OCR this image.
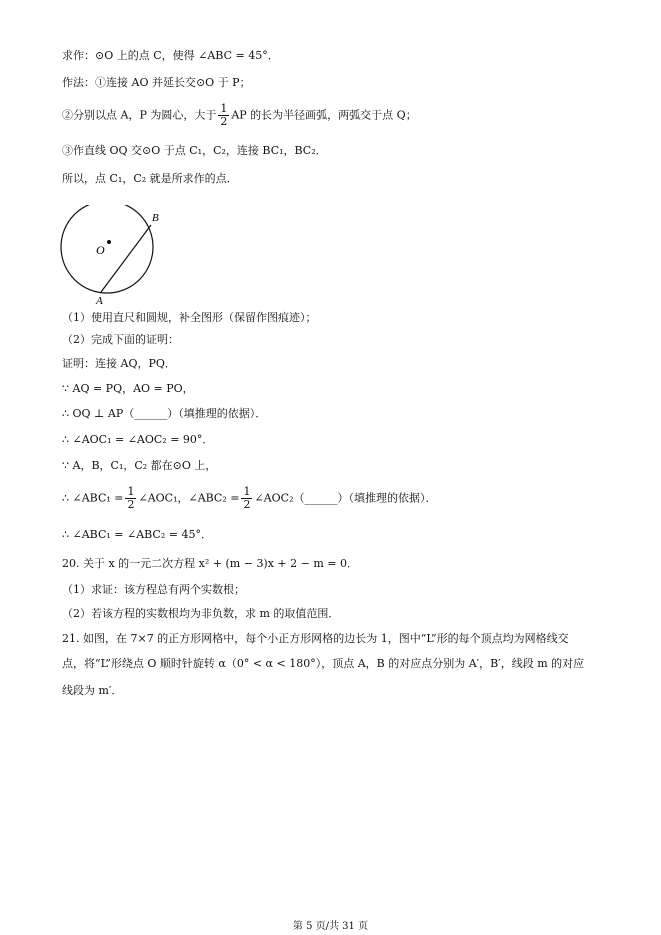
求作：⊙O 上的点 C，使得 ∠ABC = 45°．
作法：①连接 AO 并延长交⊙O 于 P；
②分别以点 A，P 为圆心，大于 $\frac{1}{2}$ AP 的长为半径画弧，两弧交于点 Q；
③作直线 OQ 交⊙O 于点 C₁，C₂，连接 BC₁，BC₂．
所以，点 C₁，C₂ 就是所求作的点．
O
A
B
（1）使用直尺和圆规，补全图形（保留作图痕迹）；
（2）完成下面的证明：
证明：连接 AQ，PQ．
∵ AQ = PQ，AO = PO，
∴ OQ ⊥ AP（______）（填推理的依据）．
∴ ∠AOC₁ = ∠AOC₂ = 90°．
∵ A，B，C₁，C₂ 都在⊙O 上，
∴ ∠ABC₁ = $\frac{1}{2}$ ∠AOC₁，∠ABC₂ = $\frac{1}{2}$ ∠AOC₂（______）（填推理的依据）．
∴ ∠ABC₁ = ∠ABC₂ = 45°．
20. 关于 x 的一元二次方程 x² + (m − 3)x + 2 − m = 0．
（1）求证：该方程总有两个实数根；
（2）若该方程的实数根均为非负数，求 m 的取值范围．
21. 如图，在 7×7 的正方形网格中，每个小正方形网格的边长为 1，图中“L”形的每个顶点均为网格线交
点，将“L”形绕点 O 顺时针旋转 α（0° < α < 180°），顶点 A，B 的对应点分别为 A′，B′，线段 m 的对应
线段为 m′．
第 5 页/共 31 页
